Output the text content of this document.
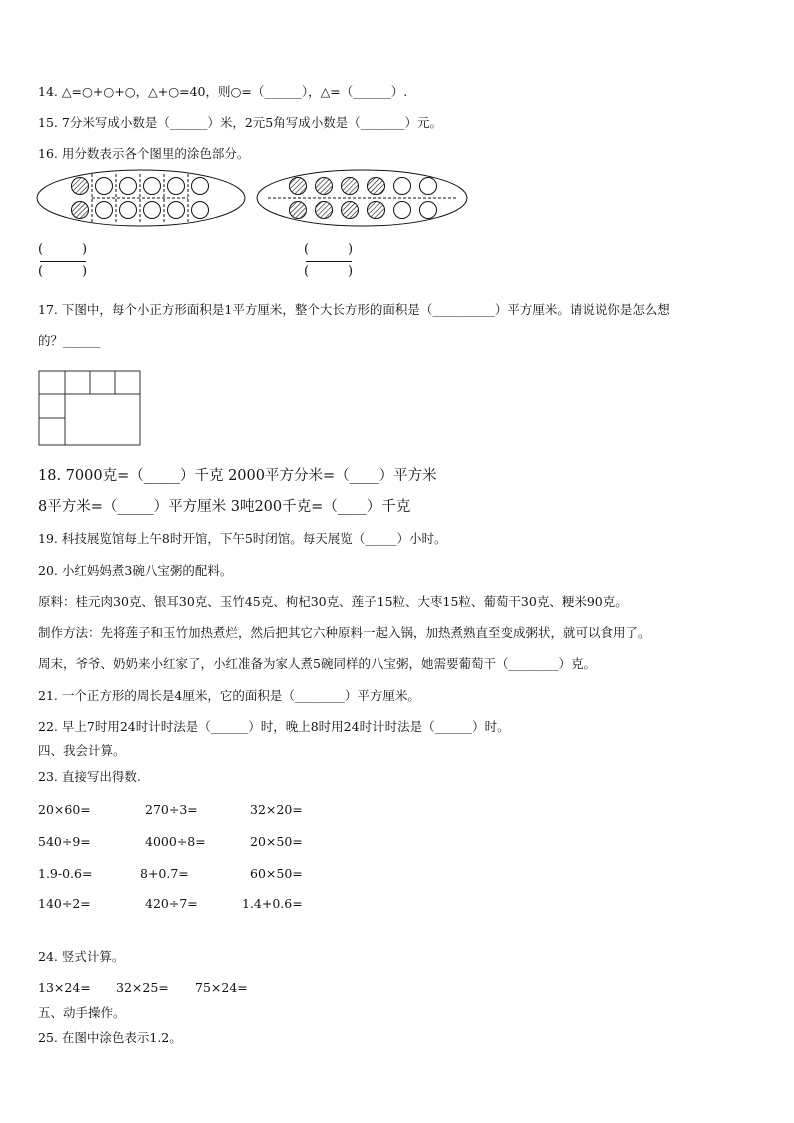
14. △=○+○+○，△+○=40，则○=（______），△=（______）.
15. 7分米写成小数是（______）米，2元5角写成小数是（_______）元。
16. 用分数表示各个图里的涂色部分。
(	)
(	)
(	)
(	)
17. 下图中，每个小正方形面积是1平方厘米，整个大长方形的面积是（__________）平方厘米。请说说你是怎么想
的？______
18. 7000克=（_____）千克 2000平方分米=（____）平方米
8平方米=（_____）平方厘米 3吨200千克=（____）千克
19. 科技展览馆每上午8时开馆，下午5时闭馆。每天展览（_____）小时。
20. 小红妈妈煮3碗八宝粥的配料。
原料：桂元肉30克、银耳30克、玉竹45克、枸杞30克、莲子15粒、大枣15粒、葡萄干30克、粳米90克。
制作方法：先将莲子和玉竹加热煮烂，然后把其它六种原料一起入锅，加热煮熟直至变成粥状，就可以食用了。
周末，爷爷、奶奶来小红家了，小红准备为家人煮5碗同样的八宝粥，她需要葡萄干（________）克。
21. 一个正方形的周长是4厘米，它的面积是（________）平方厘米。
22. 早上7时用24时计时法是（______）时，晚上8时用24时计时法是（______）时。
四、我会计算。
23. 直接写出得数.
20×60=	270÷3=	32×20=
540÷9=	4000÷8=	20×50=
1.9-0.6=	8+0.7=	60×50=
140÷2=	420÷7=	1.4+0.6=
24. 竖式计算。
13×24= 32×25= 75×24=
五、动手操作。
25. 在图中涂色表示1.2。
